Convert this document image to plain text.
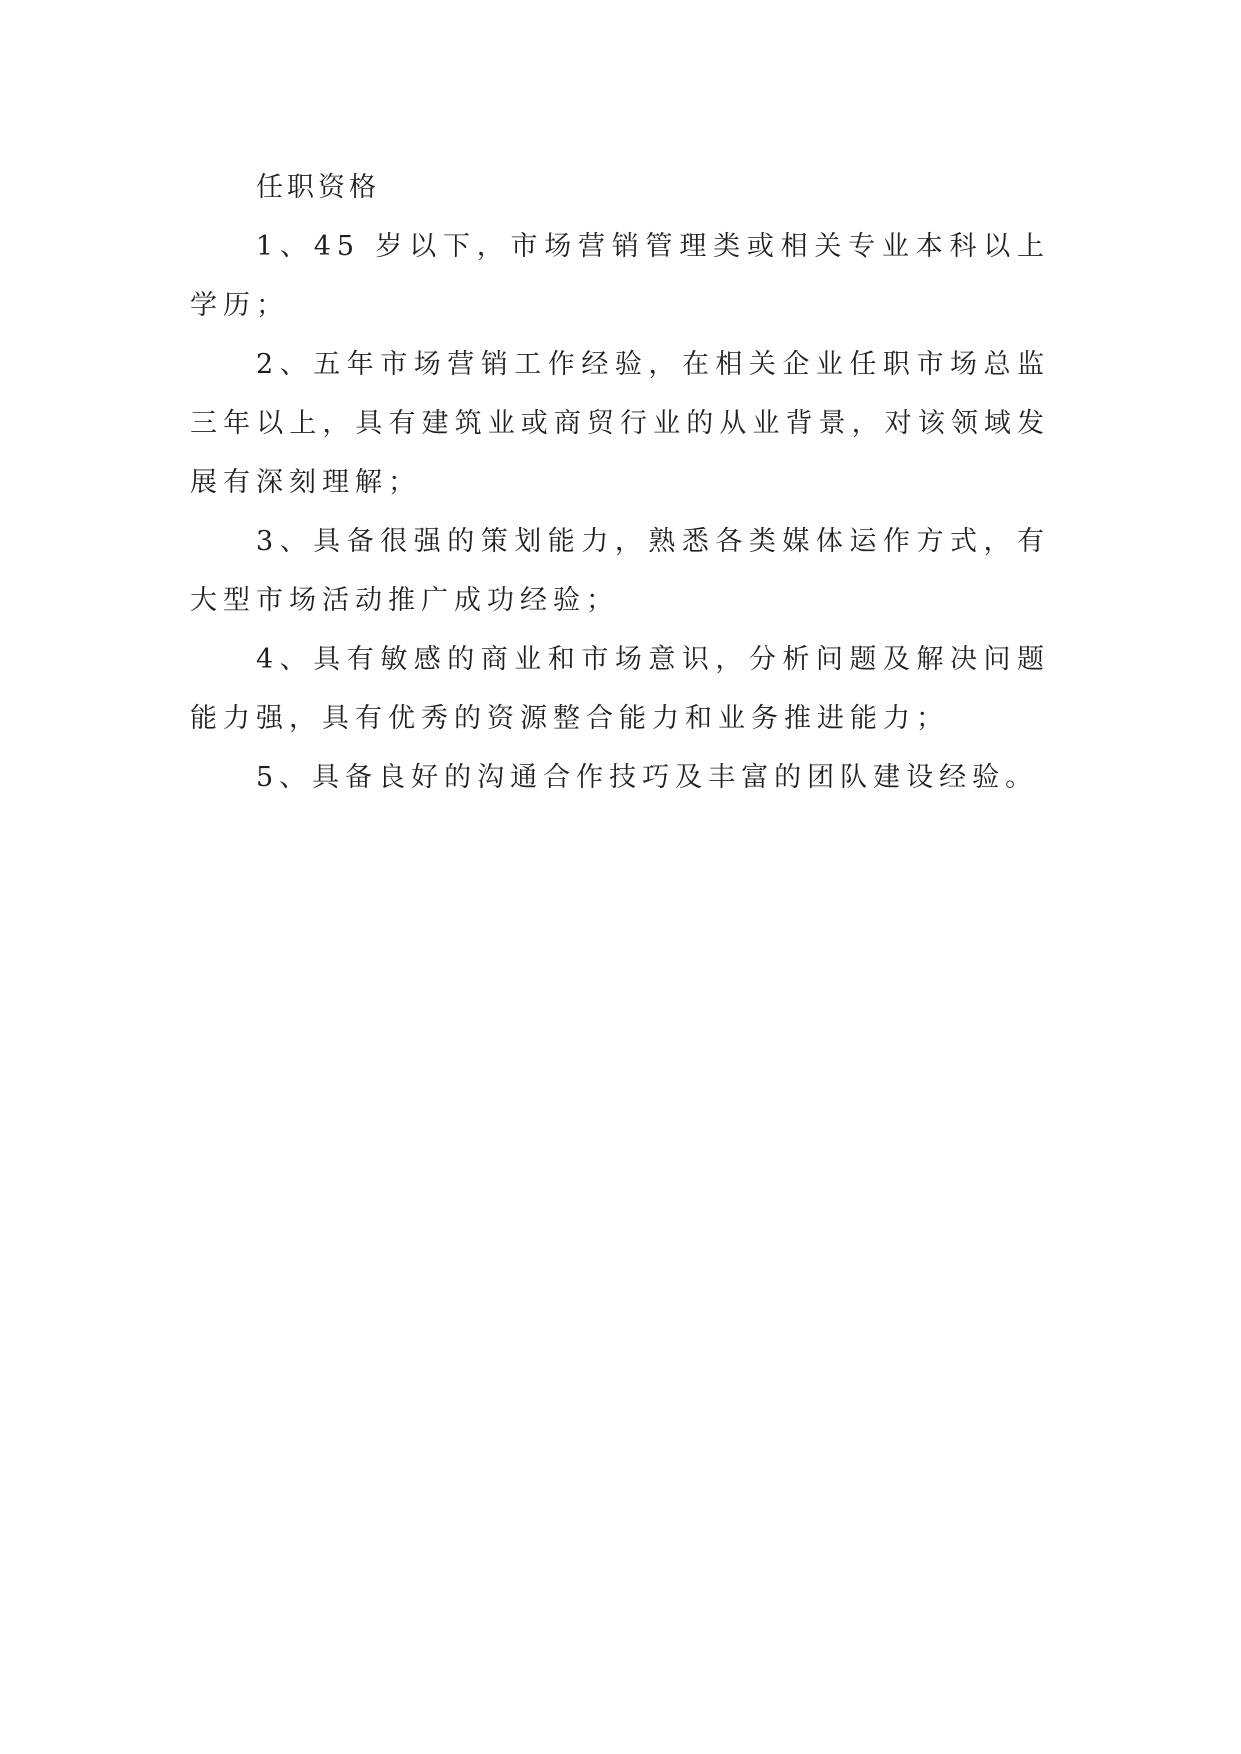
任职资格

1、45 岁以下，市场营销管理类或相关专业本科以上学历；

2、五年市场营销工作经验，在相关企业任职市场总监三年以上，具有建筑业或商贸行业的从业背景，对该领域发展有深刻理解；

3、具备很强的策划能力，熟悉各类媒体运作方式，有大型市场活动推广成功经验；

4、具有敏感的商业和市场意识，分析问题及解决问题能力强，具有优秀的资源整合能力和业务推进能力；

5、具备良好的沟通合作技巧及丰富的团队建设经验。
